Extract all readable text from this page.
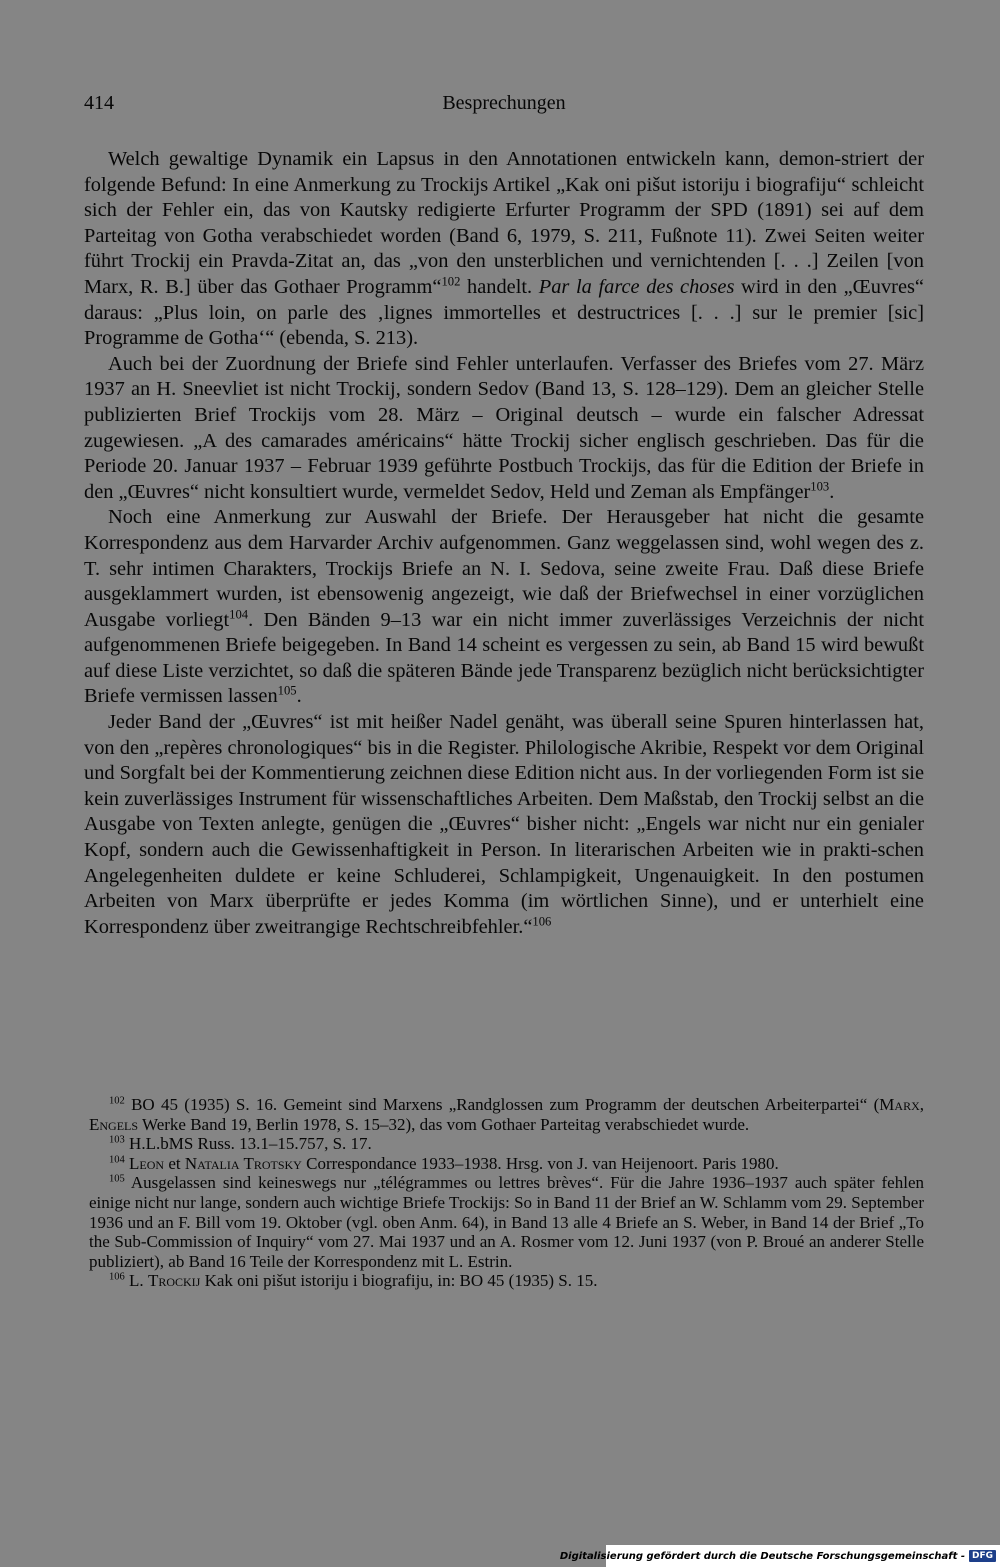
414	Besprechungen

Welch gewaltige Dynamik ein Lapsus in den Annotationen entwickeln kann, demon-striert der folgende Befund: In eine Anmerkung zu Trockijs Artikel „Kak oni pišut istoriju i biografiju“ schleicht sich der Fehler ein, das von Kautsky redigierte Erfurter Programm der SPD (1891) sei auf dem Parteitag von Gotha verabschiedet worden (Band 6, 1979, S. 211, Fußnote 11). Zwei Seiten weiter führt Trockij ein Pravda-Zitat an, das „von den unsterblichen und vernichtenden [. . .] Zeilen [von Marx, R. B.] über das Gothaer Programm“$^{102}$ handelt. Par la farce des choses wird in den „Œuvres“ daraus: „Plus loin, on parle des ‚lignes immortelles et destructrices [. . .] sur le premier [sic] Programme de Gotha‘“ (ebenda, S. 213).

Auch bei der Zuordnung der Briefe sind Fehler unterlaufen. Verfasser des Briefes vom 27. März 1937 an H. Sneevliet ist nicht Trockij, sondern Sedov (Band 13, S. 128–129). Dem an gleicher Stelle publizierten Brief Trockijs vom 28. März – Original deutsch – wurde ein falscher Adressat zugewiesen. „A des camarades américains“ hätte Trockij sicher englisch geschrieben. Das für die Periode 20. Januar 1937 – Februar 1939 geführte Postbuch Trockijs, das für die Edition der Briefe in den „Œuvres“ nicht konsultiert wurde, vermeldet Sedov, Held und Zeman als Empfänger$^{103}$.

Noch eine Anmerkung zur Auswahl der Briefe. Der Herausgeber hat nicht die gesamte Korrespondenz aus dem Harvarder Archiv aufgenommen. Ganz weggelassen sind, wohl wegen des z. T. sehr intimen Charakters, Trockijs Briefe an N. I. Sedova, seine zweite Frau. Daß diese Briefe ausgeklammert wurden, ist ebensowenig angezeigt, wie daß der Briefwechsel in einer vorzüglichen Ausgabe vorliegt$^{104}$. Den Bänden 9–13 war ein nicht immer zuverlässiges Verzeichnis der nicht aufgenommenen Briefe beigegeben. In Band 14 scheint es vergessen zu sein, ab Band 15 wird bewußt auf diese Liste verzichtet, so daß die späteren Bände jede Transparenz bezüglich nicht berücksichtigter Briefe vermissen lassen$^{105}$.

Jeder Band der „Œuvres“ ist mit heißer Nadel genäht, was überall seine Spuren hinterlassen hat, von den „repères chronologiques“ bis in die Register. Philologische Akribie, Respekt vor dem Original und Sorgfalt bei der Kommentierung zeichnen diese Edition nicht aus. In der vorliegenden Form ist sie kein zuverlässiges Instrument für wissenschaftliches Arbeiten. Dem Maßstab, den Trockij selbst an die Ausgabe von Texten anlegte, genügen die „Œuvres“ bisher nicht: „Engels war nicht nur ein genialer Kopf, sondern auch die Gewissenhaftigkeit in Person. In literarischen Arbeiten wie in prakti-schen Angelegenheiten duldete er keine Schluderei, Schlampigkeit, Ungenauigkeit. In den postumen Arbeiten von Marx überprüfte er jedes Komma (im wörtlichen Sinne), und er unterhielt eine Korrespondenz über zweitrangige Rechtschreibfehler.“$^{106}$

$^{102}$ BO 45 (1935) S. 16. Gemeint sind Marxens „Randglossen zum Programm der deutschen Arbeiterpartei“ (Marx, Engels Werke Band 19, Berlin 1978, S. 15–32), das vom Gothaer Parteitag verabschiedet wurde.

$^{103}$ H.L.bMS Russ. 13.1–15.757, S. 17.

$^{104}$ Leon et Natalia Trotsky Correspondance 1933–1938. Hrsg. von J. van Heijenoort. Paris 1980.

$^{105}$ Ausgelassen sind keineswegs nur „télégrammes ou lettres brèves“. Für die Jahre 1936–1937 auch später fehlen einige nicht nur lange, sondern auch wichtige Briefe Trockijs: So in Band 11 der Brief an W. Schlamm vom 29. September 1936 und an F. Bill vom 19. Oktober (vgl. oben Anm. 64), in Band 13 alle 4 Briefe an S. Weber, in Band 14 der Brief „To the Sub-Commission of Inquiry“ vom 27. Mai 1937 und an A. Rosmer vom 12. Juni 1937 (von P. Broué an anderer Stelle publiziert), ab Band 16 Teile der Korrespondenz mit L. Estrin.

$^{106}$ L. Trockij Kak oni pišut istoriju i biografiju, in: BO 45 (1935) S. 15.

Digitalisierung gefördert durch die Deutsche Forschungsgemeinschaft - DFG
